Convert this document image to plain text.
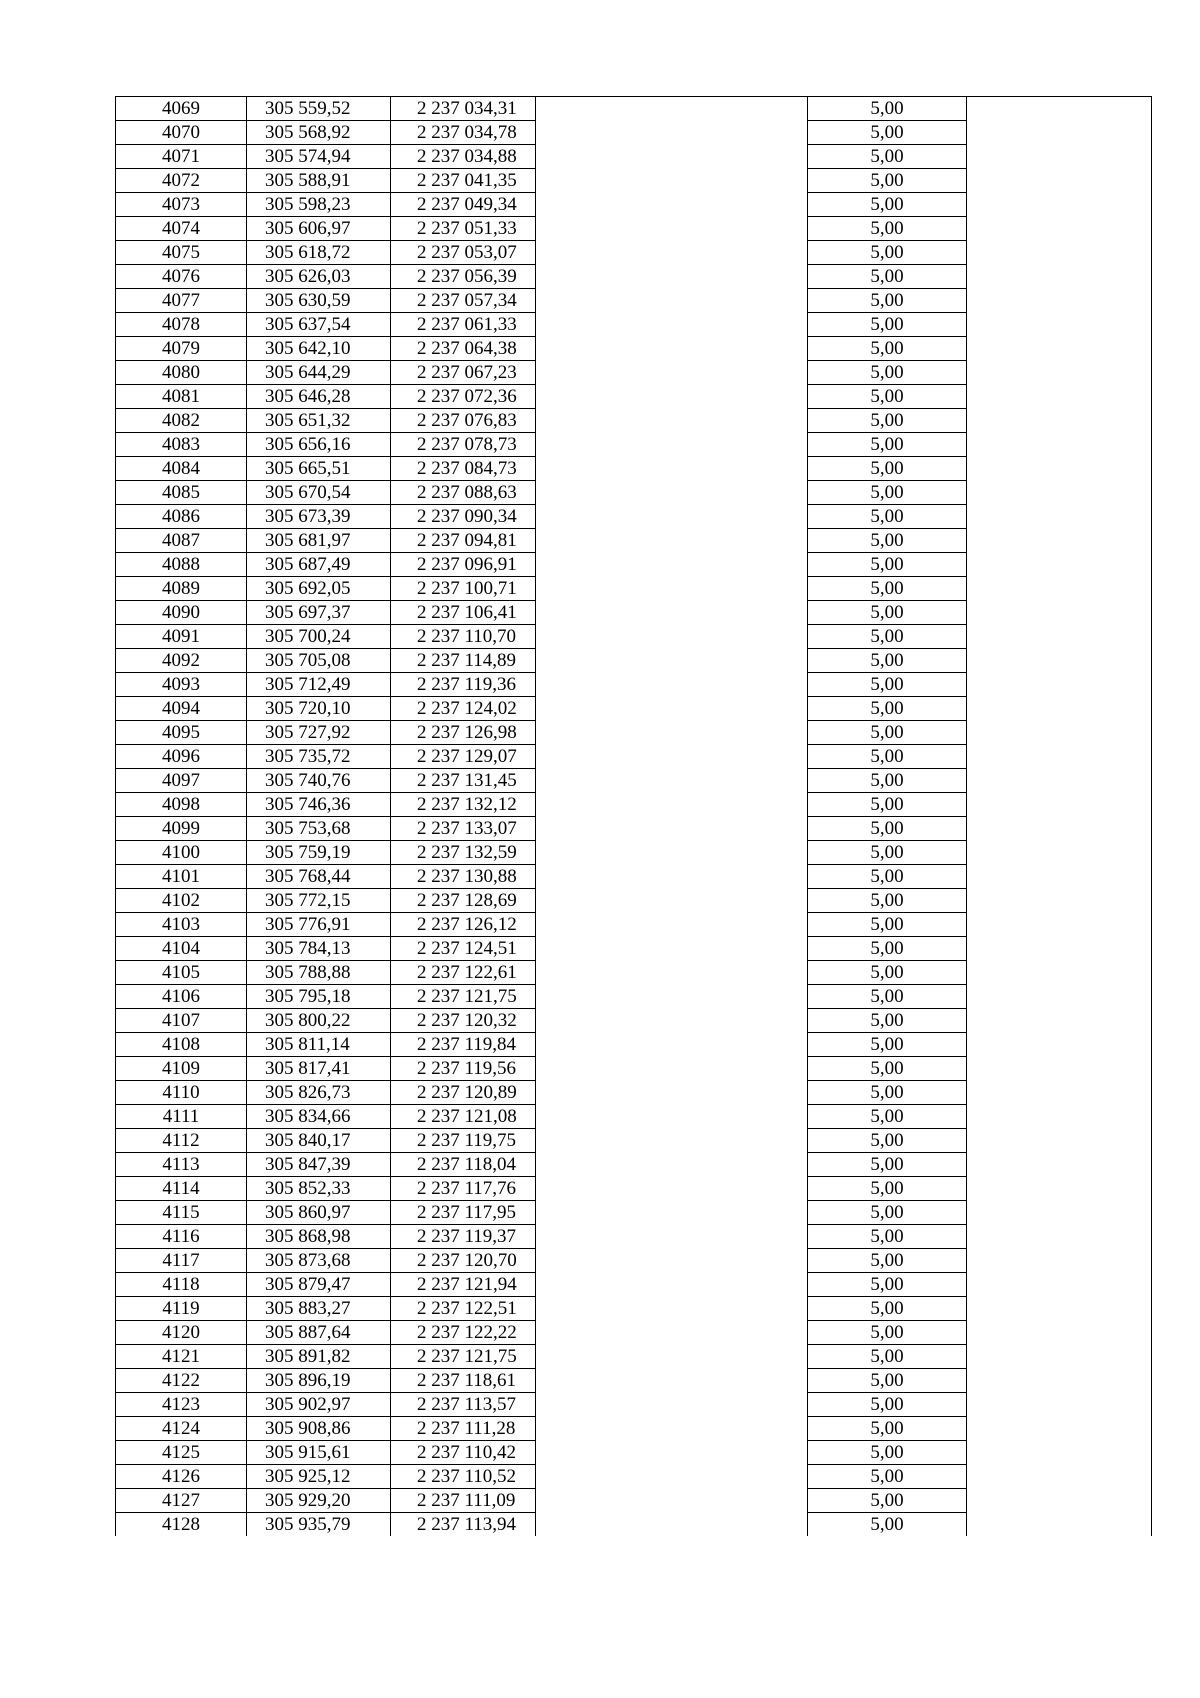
4069	305 559,52	2 237 034,31		5,00	
4070	305 568,92	2 237 034,78		5,00	
4071	305 574,94	2 237 034,88		5,00	
4072	305 588,91	2 237 041,35		5,00	
4073	305 598,23	2 237 049,34		5,00	
4074	305 606,97	2 237 051,33		5,00	
4075	305 618,72	2 237 053,07		5,00	
4076	305 626,03	2 237 056,39		5,00	
4077	305 630,59	2 237 057,34		5,00	
4078	305 637,54	2 237 061,33		5,00	
4079	305 642,10	2 237 064,38		5,00	
4080	305 644,29	2 237 067,23		5,00	
4081	305 646,28	2 237 072,36		5,00	
4082	305 651,32	2 237 076,83		5,00	
4083	305 656,16	2 237 078,73		5,00	
4084	305 665,51	2 237 084,73		5,00	
4085	305 670,54	2 237 088,63		5,00	
4086	305 673,39	2 237 090,34		5,00	
4087	305 681,97	2 237 094,81		5,00	
4088	305 687,49	2 237 096,91		5,00	
4089	305 692,05	2 237 100,71		5,00	
4090	305 697,37	2 237 106,41		5,00	
4091	305 700,24	2 237 110,70		5,00	
4092	305 705,08	2 237 114,89		5,00	
4093	305 712,49	2 237 119,36		5,00	
4094	305 720,10	2 237 124,02		5,00	
4095	305 727,92	2 237 126,98		5,00	
4096	305 735,72	2 237 129,07		5,00	
4097	305 740,76	2 237 131,45		5,00	
4098	305 746,36	2 237 132,12		5,00	
4099	305 753,68	2 237 133,07		5,00	
4100	305 759,19	2 237 132,59		5,00	
4101	305 768,44	2 237 130,88		5,00	
4102	305 772,15	2 237 128,69		5,00	
4103	305 776,91	2 237 126,12		5,00	
4104	305 784,13	2 237 124,51		5,00	
4105	305 788,88	2 237 122,61		5,00	
4106	305 795,18	2 237 121,75		5,00	
4107	305 800,22	2 237 120,32		5,00	
4108	305 811,14	2 237 119,84		5,00	
4109	305 817,41	2 237 119,56		5,00	
4110	305 826,73	2 237 120,89		5,00	
4111	305 834,66	2 237 121,08		5,00	
4112	305 840,17	2 237 119,75		5,00	
4113	305 847,39	2 237 118,04		5,00	
4114	305 852,33	2 237 117,76		5,00	
4115	305 860,97	2 237 117,95		5,00	
4116	305 868,98	2 237 119,37		5,00	
4117	305 873,68	2 237 120,70		5,00	
4118	305 879,47	2 237 121,94		5,00	
4119	305 883,27	2 237 122,51		5,00	
4120	305 887,64	2 237 122,22		5,00	
4121	305 891,82	2 237 121,75		5,00	
4122	305 896,19	2 237 118,61		5,00	
4123	305 902,97	2 237 113,57		5,00	
4124	305 908,86	2 237 111,28		5,00	
4125	305 915,61	2 237 110,42		5,00	
4126	305 925,12	2 237 110,52		5,00	
4127	305 929,20	2 237 111,09		5,00	
4128	305 935,79	2 237 113,94		5,00	
